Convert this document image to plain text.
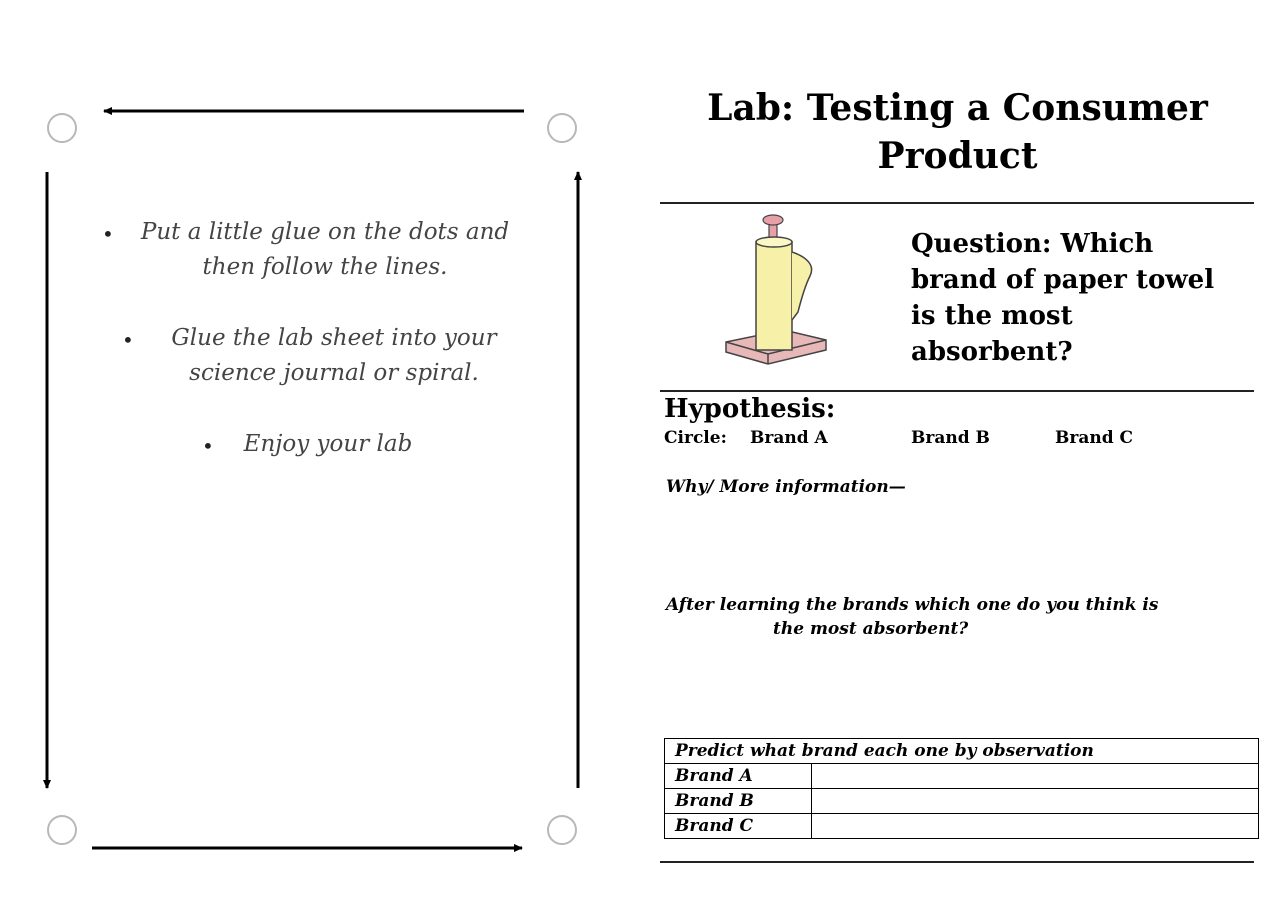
•	Put a little glue on the dots and
then follow the lines.
•	Glue the lab sheet into your
science journal or spiral.
•	Enjoy your lab
Lab: Testing a Consumer
Product
Question: Which
brand of paper towel
is the most
absorbent?
Hypothesis:
Circle: Brand A	Brand B	Brand C
Why/ More information—
After learning the brands which one do you think is
the most absorbent?
Predict what brand each one by observation	
Brand A	
Brand B	
Brand C	
